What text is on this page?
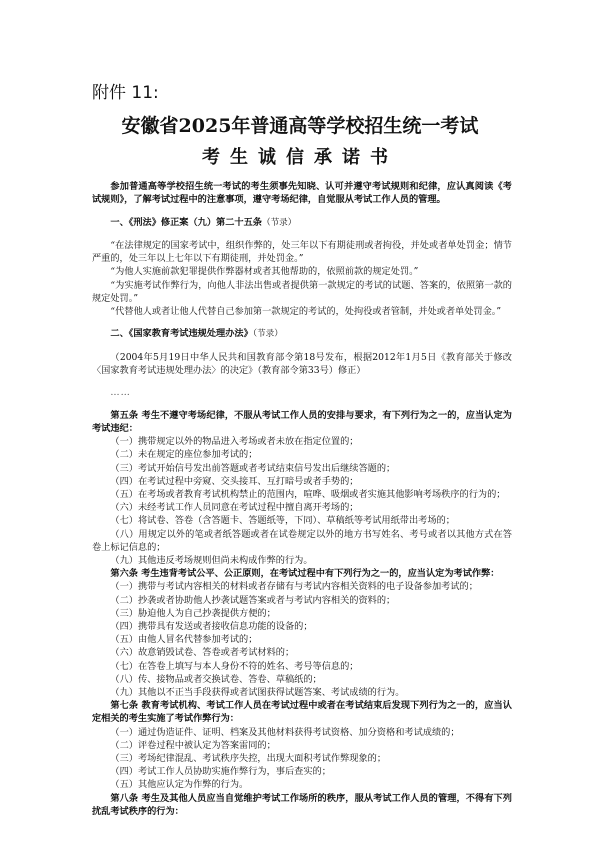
附件 11:
安徽省2025年普通高等学校招生统一考试
考生诚信承诺书

参加普通高等学校招生统一考试的考生须事先知晓、认可并遵守考试规则和纪律，应认真阅读《考试规则》，了解考试过程中的注意事项，遵守考场纪律，自觉服从考试工作人员的管理。

一、《刑法》修正案（九）第二十五条（节录）

“在法律规定的国家考试中，组织作弊的，处三年以下有期徒刑或者拘役，并处或者单处罚金；情节严重的，处三年以上七年以下有期徒刑，并处罚金。”

“为他人实施前款犯罪提供作弊器材或者其他帮助的，依照前款的规定处罚。”

“为实施考试作弊行为，向他人非法出售或者提供第一款规定的考试的试题、答案的，依照第一款的规定处罚。”

“代替他人或者让他人代替自己参加第一款规定的考试的，处拘役或者管制，并处或者单处罚金。”

二、《国家教育考试违规处理办法》（节录）

（2004年5月19日中华人民共和国教育部令第18号发布，根据2012年1月5日《教育部关于修改〈国家教育考试违规处理办法〉的决定》（教育部令第33号）修正）

……

第五条 考生不遵守考场纪律，不服从考试工作人员的安排与要求，有下列行为之一的，应当认定为考试违纪：

（一）携带规定以外的物品进入考场或者未放在指定位置的；

（二）未在规定的座位参加考试的；

（三）考试开始信号发出前答题或者考试结束信号发出后继续答题的；

（四）在考试过程中旁窥、交头接耳、互打暗号或者手势的；

（五）在考场或者教育考试机构禁止的范围内，喧哗、吸烟或者实施其他影响考场秩序的行为的；

（六）未经考试工作人员同意在考试过程中擅自离开考场的；

（七）将试卷、答卷（含答题卡、答题纸等，下同）、草稿纸等考试用纸带出考场的；

（八）用规定以外的笔或者纸答题或者在试卷规定以外的地方书写姓名、考号或者以其他方式在答卷上标记信息的；

（九）其他违反考场规则但尚未构成作弊的行为。

第六条 考生违背考试公平、公正原则，在考试过程中有下列行为之一的，应当认定为考试作弊：

（一）携带与考试内容相关的材料或者存储有与考试内容相关资料的电子设备参加考试的；

（二）抄袭或者协助他人抄袭试题答案或者与考试内容相关的资料的；

（三）胁迫他人为自己抄袭提供方便的；

（四）携带具有发送或者接收信息功能的设备的；

（五）由他人冒名代替参加考试的；

（六）故意销毁试卷、答卷或者考试材料的；

（七）在答卷上填写与本人身份不符的姓名、考号等信息的；

（八）传、接物品或者交换试卷、答卷、草稿纸的；

（九）其他以不正当手段获得或者试图获得试题答案、考试成绩的行为。

第七条 教育考试机构、考试工作人员在考试过程中或者在考试结束后发现下列行为之一的，应当认定相关的考生实施了考试作弊行为：

（一）通过伪造证件、证明、档案及其他材料获得考试资格、加分资格和考试成绩的；

（二）评卷过程中被认定为答案雷同的；

（三）考场纪律混乱、考试秩序失控，出现大面积考试作弊现象的；

（四）考试工作人员协助实施作弊行为，事后查实的；

（五）其他应认定为作弊的行为。

第八条 考生及其他人员应当自觉维护考试工作场所的秩序，服从考试工作人员的管理，不得有下列扰乱考试秩序的行为：
